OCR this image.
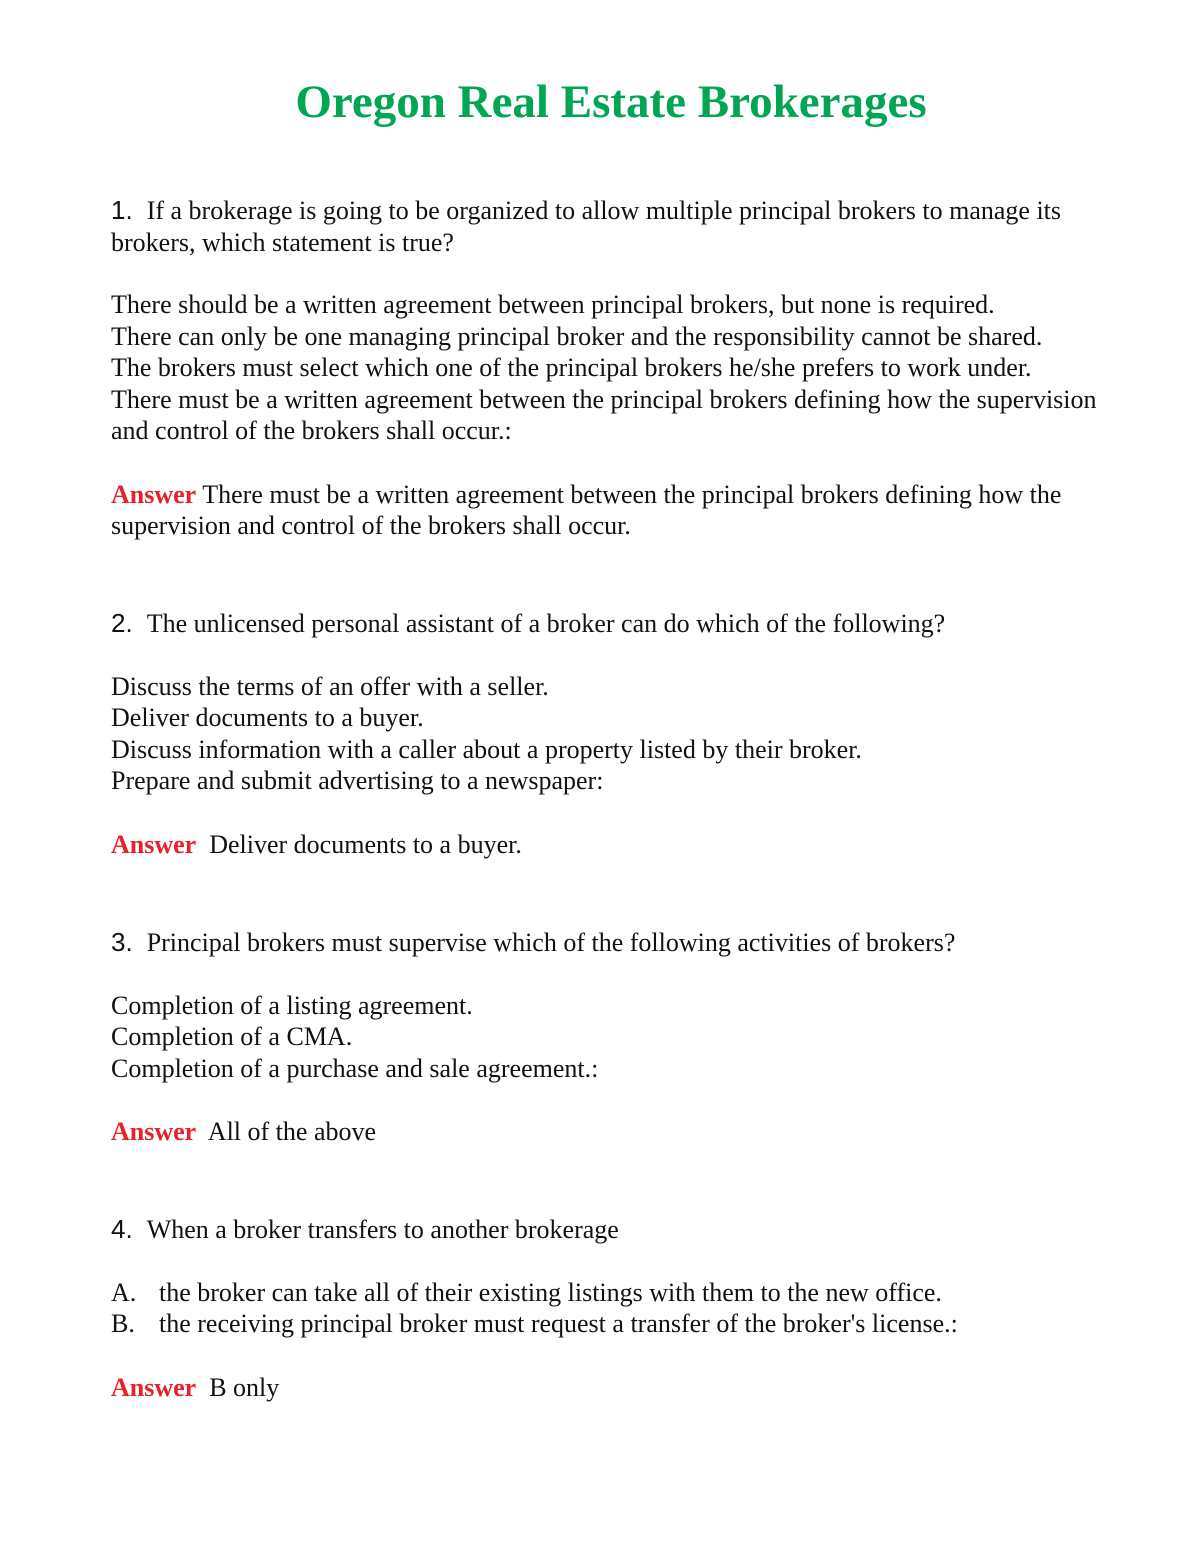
Oregon Real Estate Brokerages

1. If a brokerage is going to be organized to allow multiple principal brokers to manage its brokers, which statement is true?

There should be a written agreement between principal brokers, but none is required.
There can only be one managing principal broker and the responsibility cannot be shared.
The brokers must select which one of the principal brokers he/she prefers to work under.
There must be a written agreement between the principal brokers defining how the supervision and control of the brokers shall occur.:

Answer There must be a written agreement between the principal brokers defining how the supervision and control of the brokers shall occur.

2. The unlicensed personal assistant of a broker can do which of the following?

Discuss the terms of an offer with a seller.
Deliver documents to a buyer.
Discuss information with a caller about a property listed by their broker.
Prepare and submit advertising to a newspaper:

Answer Deliver documents to a buyer.

3. Principal brokers must supervise which of the following activities of brokers?

Completion of a listing agreement.
Completion of a CMA.
Completion of a purchase and sale agreement.:

Answer All of the above

4. When a broker transfers to another brokerage

A. the broker can take all of their existing listings with them to the new office.
B. the receiving principal broker must request a transfer of the broker's license.:

Answer B only
